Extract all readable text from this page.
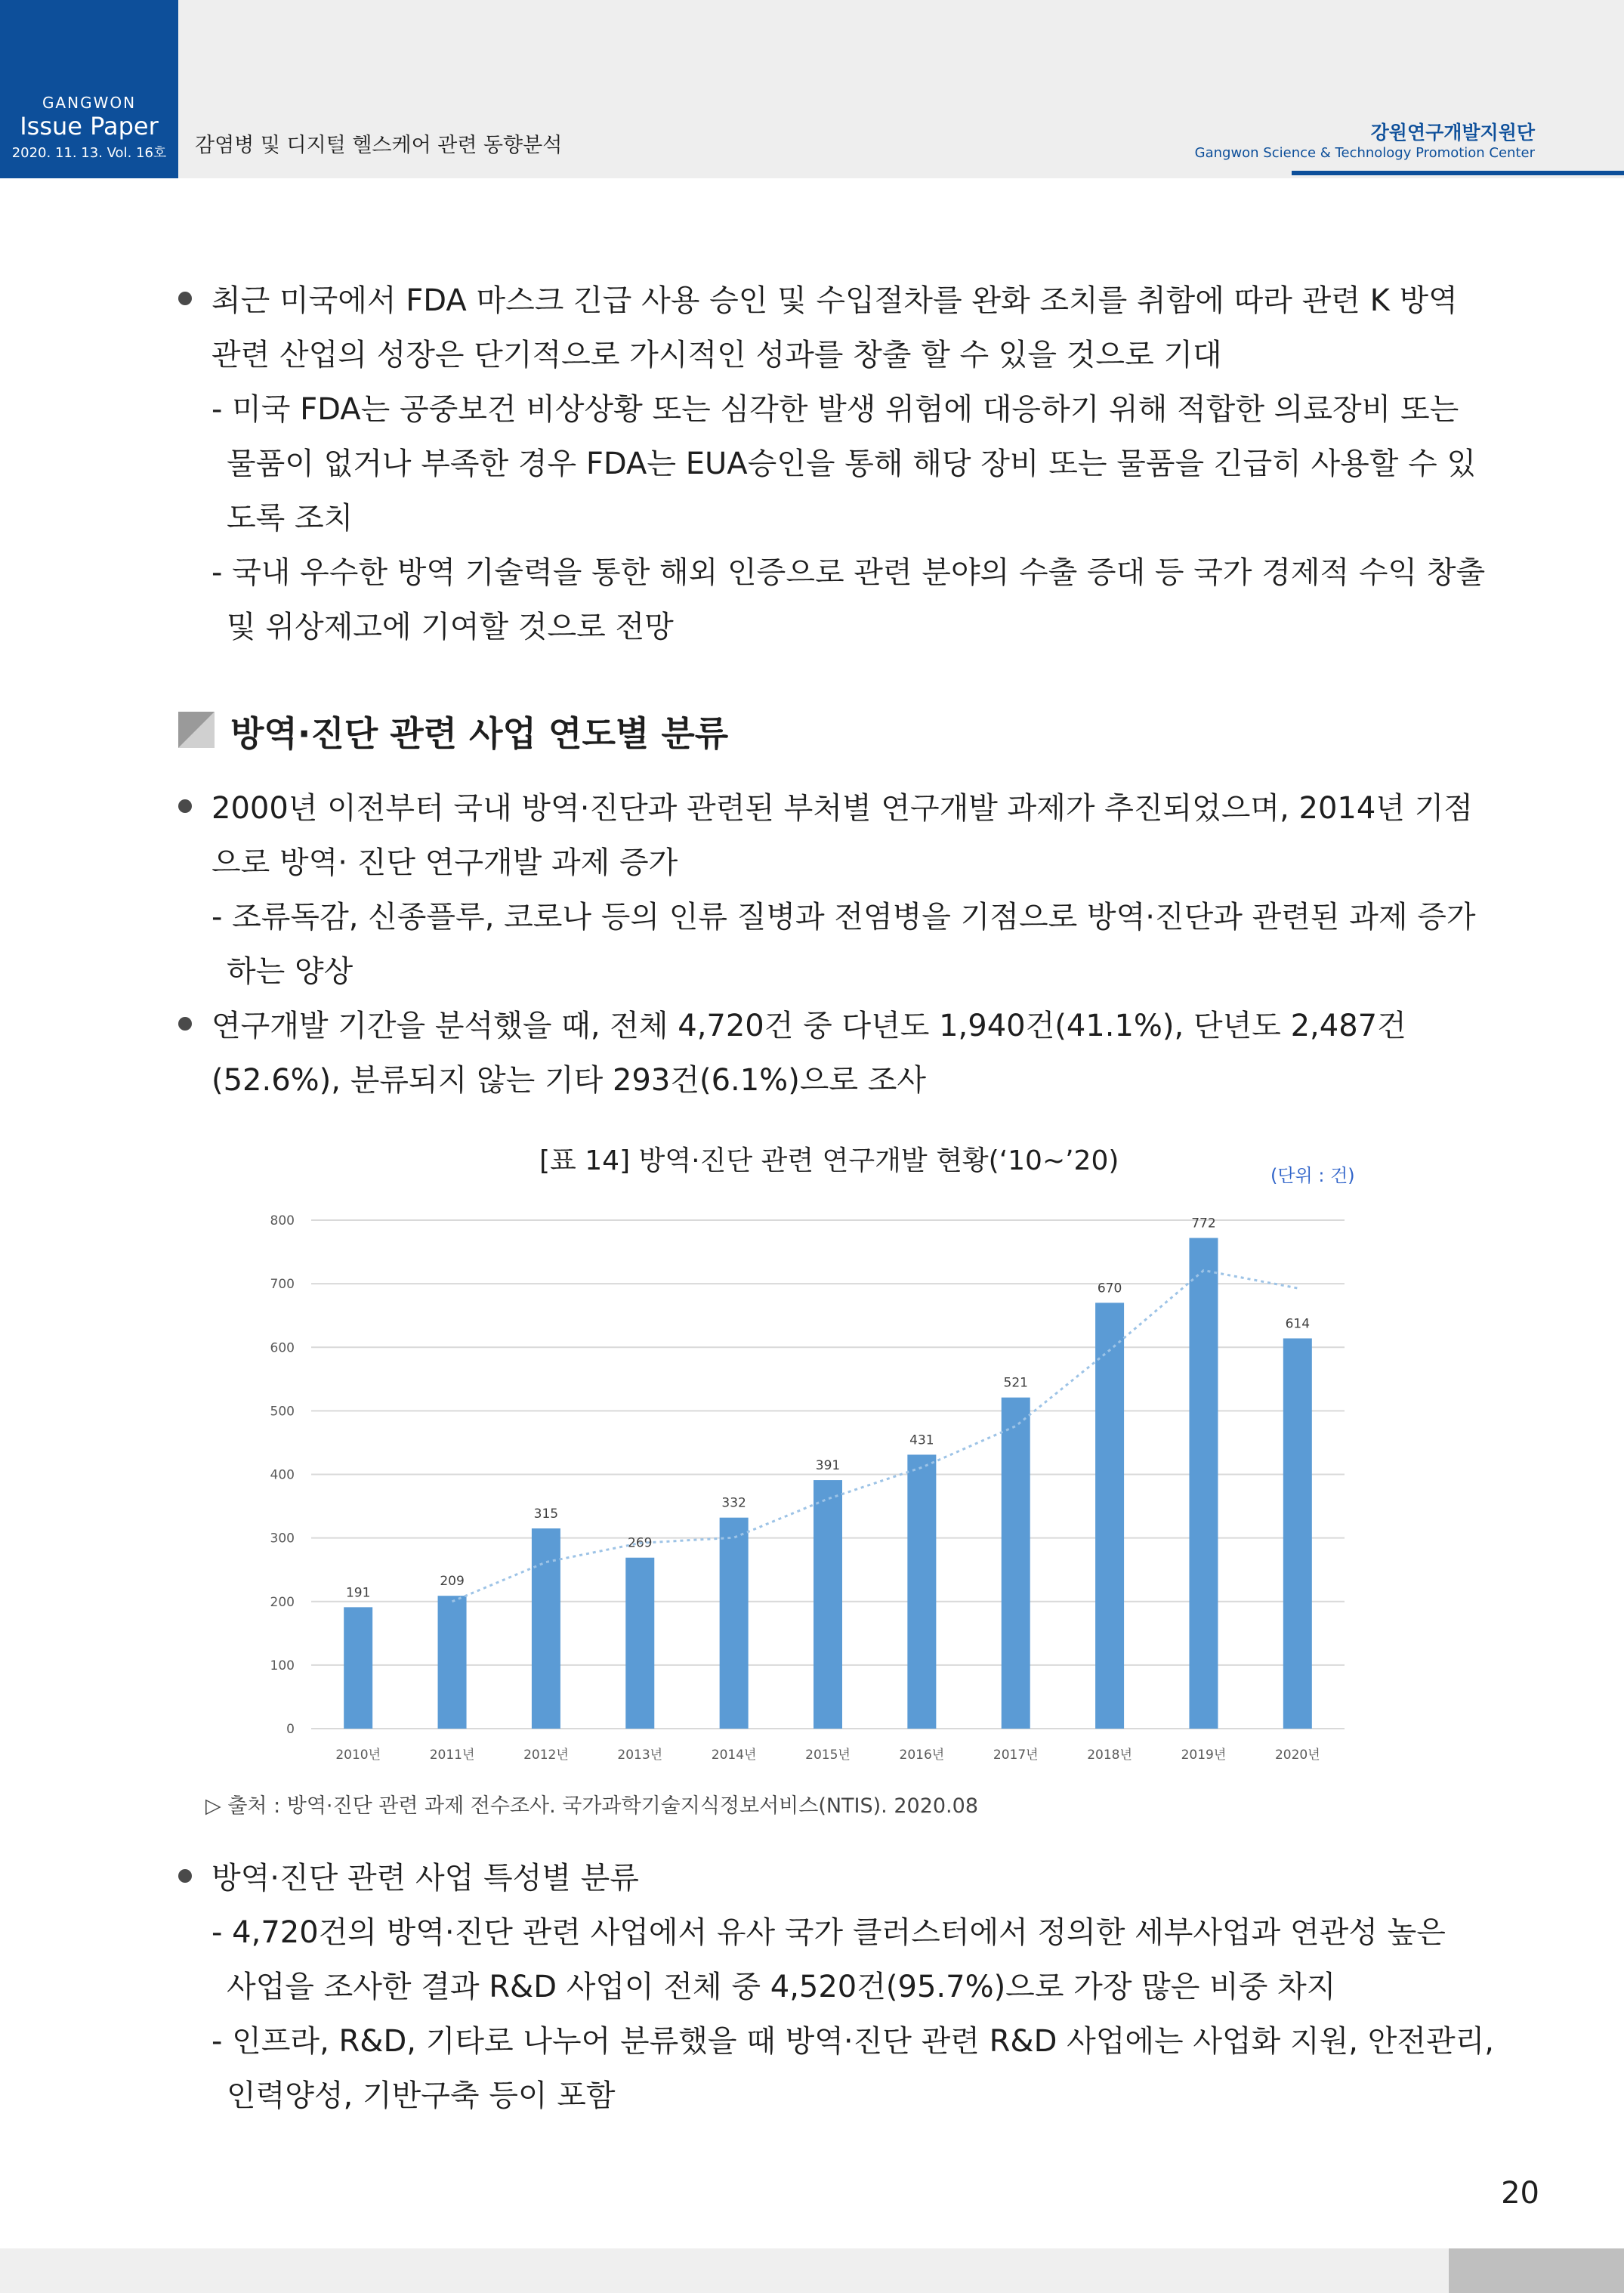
GANGWON
Issue Paper
2020. 11. 13. Vol. 16호	감염병 및 디지털 헬스케어 관련 동향분석
강원연구개발지원단
Gangwon Science & Technology Promotion Center
최근 미국에서 FDA 마스크 긴급 사용 승인 및 수입절차를 완화 조치를 취함에 따라 관련 K 방역
관련 산업의 성장은 단기적으로 가시적인 성과를 창출 할 수 있을 것으로 기대
- 미국 FDA는 공중보건 비상상황 또는 심각한 발생 위험에 대응하기 위해 적합한 의료장비 또는
물품이 없거나 부족한 경우 FDA는 EUA승인을 통해 해당 장비 또는 물품을 긴급히 사용할 수 있
도록 조치
- 국내 우수한 방역 기술력을 통한 해외 인증으로 관련 분야의 수출 증대 등 국가 경제적 수익 창출
및 위상제고에 기여할 것으로 전망
방역·진단 관련 사업 연도별 분류
2000년 이전부터 국내 방역·진단과 관련된 부처별 연구개발 과제가 추진되었으며, 2014년 기점
으로 방역· 진단 연구개발 과제 증가
- 조류독감, 신종플루, 코로나 등의 인류 질병과 전염병을 기점으로 방역·진단과 관련된 과제 증가
하는 양상
연구개발 기간을 분석했을 때, 전체 4,720건 중 다년도 1,940건(41.1%), 단년도 2,487건
(52.6%), 분류되지 않는 기타 293건(6.1%)으로 조사
[표 14] 방역·진단 관련 연구개발 현황(‘10~’20)	(단위 : 건)
0
100
200
300
400
500
600
700
800
191
2010년
209
2011년
315
2012년
269
2013년
332
2014년
391
2015년
431
2016년
521
2017년
670
2018년
772
2019년
614
2020년
▷ 출처 : 방역·진단 관련 과제 전수조사. 국가과학기술지식정보서비스(NTIS). 2020.08
방역·진단 관련 사업 특성별 분류
- 4,720건의 방역·진단 관련 사업에서 유사 국가 클러스터에서 정의한 세부사업과 연관성 높은
사업을 조사한 결과 R&D 사업이 전체 중 4,520건(95.7%)으로 가장 많은 비중 차지
- 인프라, R&D, 기타로 나누어 분류했을 때 방역·진단 관련 R&D 사업에는 사업화 지원, 안전관리,
인력양성, 기반구축 등이 포함
20
